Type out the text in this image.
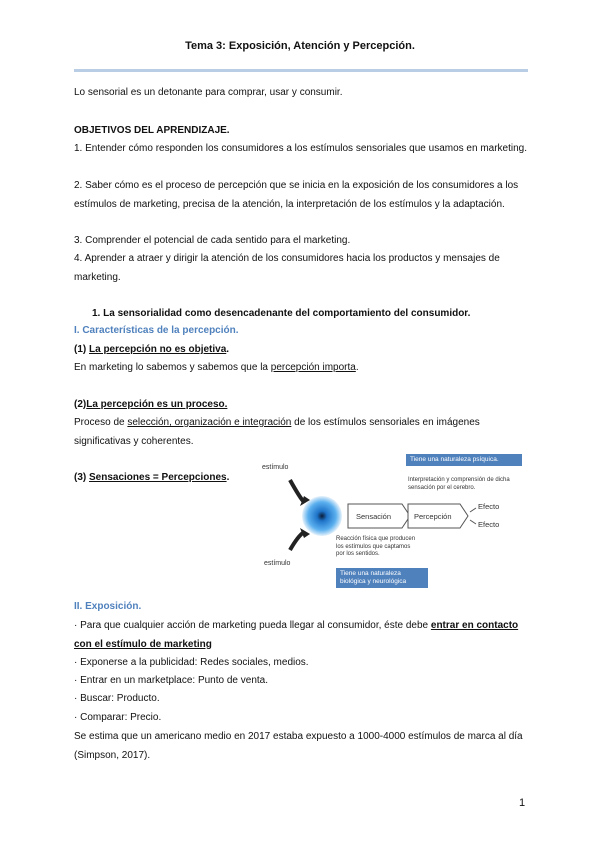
Tema 3: Exposición, Atención y Percepción.

Lo sensorial es un detonante para comprar, usar y consumir.

OBJETIVOS DEL APRENDIZAJE.

1. Entender cómo responden los consumidores a los estímulos sensoriales que usamos en marketing.

2. Saber cómo es el proceso de percepción que se inicia en la exposición de los consumidores a los estímulos de marketing, precisa de la atención, la interpretación de los estímulos y la adaptación.

3. Comprender el potencial de cada sentido para el marketing.

4. Aprender a atraer y dirigir la atención de los consumidores hacia los productos y mensajes de marketing.

1. La sensorialidad como desencadenante del comportamiento del consumidor.

I. Características de la percepción.

(1) La percepción no es objetiva.

En marketing lo sabemos y sabemos que la percepción importa.

(2)La percepción es un proceso.

Proceso de selección, organización e integración de los estímulos sensoriales en imágenes significativas y coherentes.

(3) Sensaciones = Percepciones.

estímulo
estímulo
Sensación	Percepción
Efecto
Efecto
Tiene una naturaleza psíquica.
Interpretación y comprensión de dicha sensación por el cerebro.
Reacción física que producen los estímulos que captamos por los sentidos.
Tiene una naturaleza biológica y neurológica

II. Exposición.

· Para que cualquier acción de marketing pueda llegar al consumidor, éste debe entrar en contacto con el estímulo de marketing

· Exponerse a la publicidad: Redes sociales, medios.

· Entrar en un marketplace: Punto de venta.

· Buscar: Producto.

· Comparar: Precio.

Se estima que un americano medio en 2017 estaba expuesto a 1000-4000 estímulos de marca al día (Simpson, 2017).

1
